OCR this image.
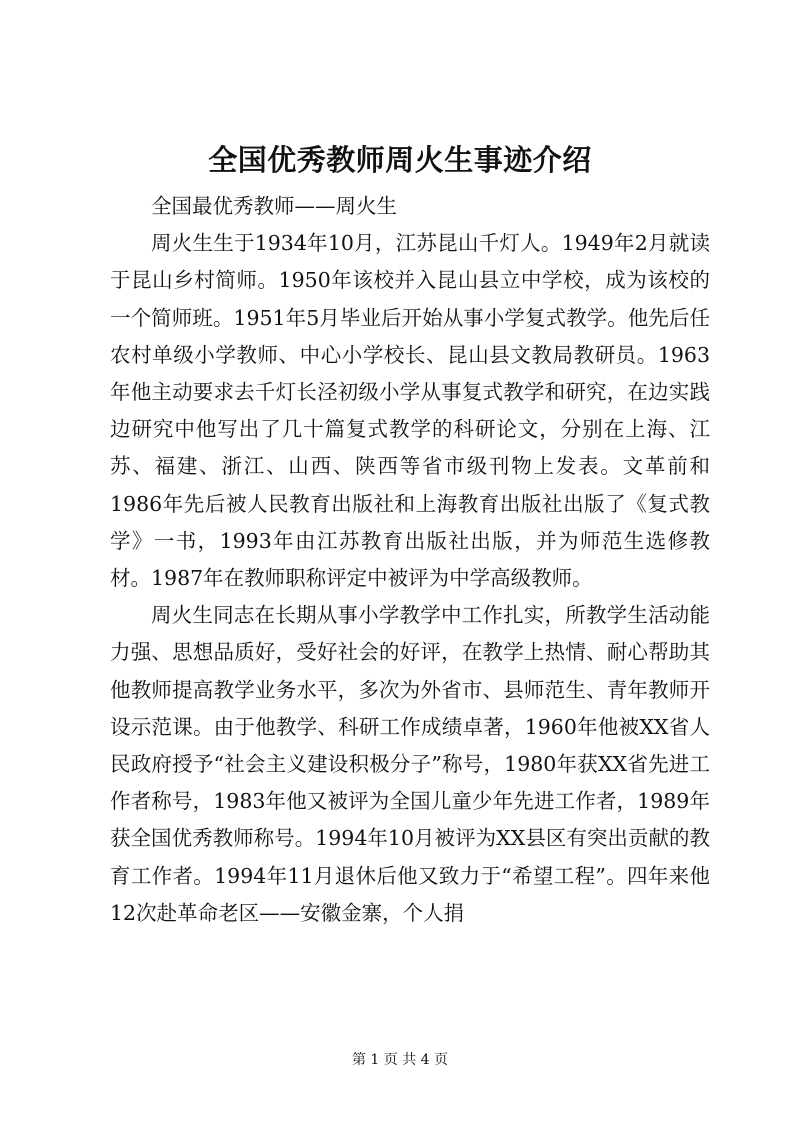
全国优秀教师周火生事迹介绍

全国最优秀教师——周火生

周火生生于1934年10月，江苏昆山千灯人。1949年2月就读于昆山乡村简师。1950年该校并入昆山县立中学校，成为该校的一个简师班。1951年5月毕业后开始从事小学复式教学。他先后任农村单级小学教师、中心小学校长、昆山县文教局教研员。1963年他主动要求去千灯长泾初级小学从事复式教学和研究，在边实践边研究中他写出了几十篇复式教学的科研论文，分别在上海、江苏、福建、浙江、山西、陕西等省市级刊物上发表。文革前和1986年先后被人民教育出版社和上海教育出版社出版了《复式教学》一书，1993年由江苏教育出版社出版，并为师范生选修教材。1987年在教师职称评定中被评为中学高级教师。

周火生同志在长期从事小学教学中工作扎实，所教学生活动能力强、思想品质好，受好社会的好评，在教学上热情、耐心帮助其他教师提高教学业务水平，多次为外省市、县师范生、青年教师开设示范课。由于他教学、科研工作成绩卓著，1960年他被XX省人民政府授予“社会主义建设积极分子”称号，1980年获XX省先进工作者称号，1983年他又被评为全国儿童少年先进工作者，1989年获全国优秀教师称号。1994年10月被评为XX县区有突出贡献的教育工作者。1994年11月退休后他又致力于“希望工程”。四年来他12次赴革命老区——安徽金寨，个人捐

第 1 页 共 4 页
